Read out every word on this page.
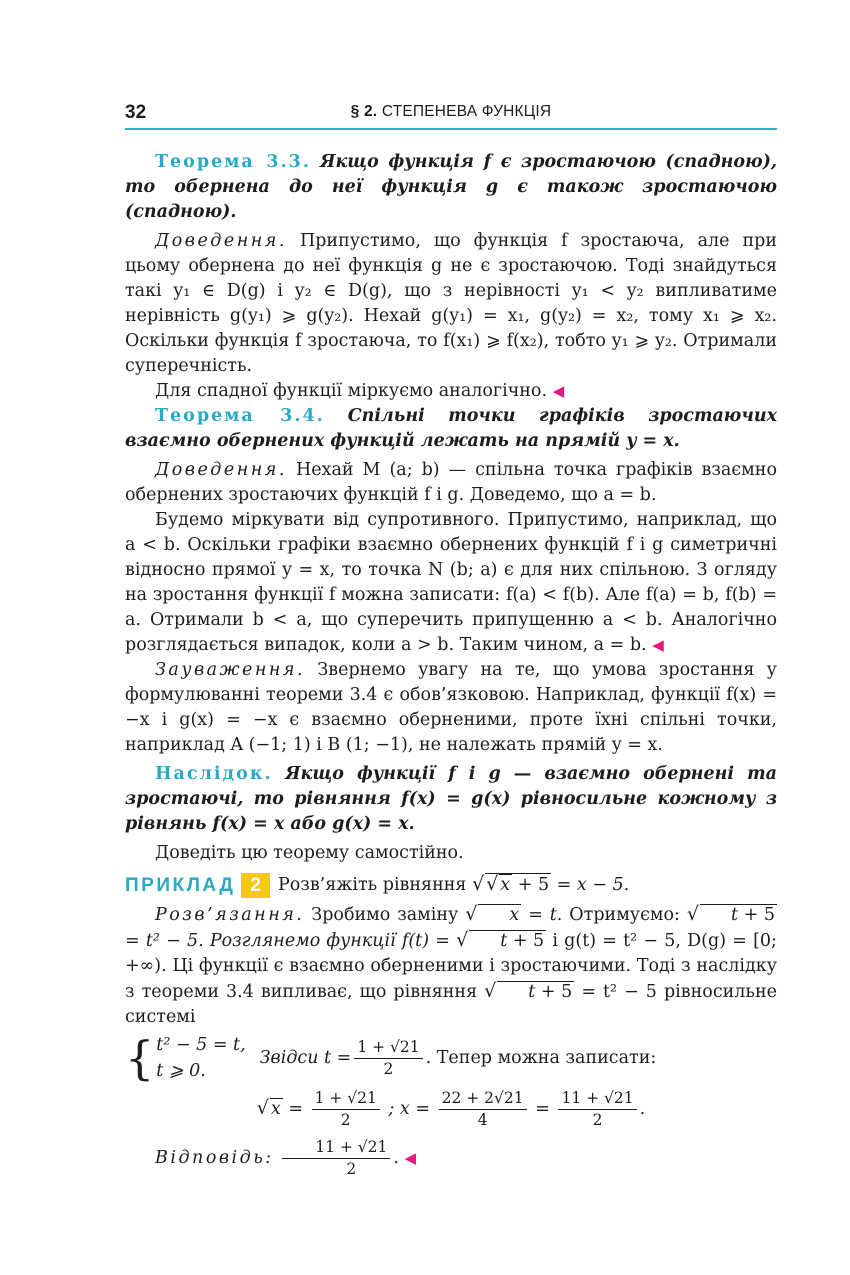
32	§ 2. СТЕПЕНЕВА ФУНКЦІЯ

Теорема 3.3. Якщо функція f є зростаючою (спадною), то обернена до неї функція g є також зростаючою (спадною).

Доведення. Припустимо, що функція f зростаюча, але при цьому обернена до неї функція g не є зростаючою. Тоді знайдуться такі y₁ ∈ D(g) і y₂ ∈ D(g), що з нерівності y₁ < y₂ випливатиме нерівність g(y₁) ⩾ g(y₂). Нехай g(y₁) = x₁, g(y₂) = x₂, тому x₁ ⩾ x₂. Оскільки функція f зростаюча, то f(x₁) ⩾ f(x₂), тобто y₁ ⩾ y₂. Отримали суперечність.

Для спадної функції міркуємо аналогічно. ◀

Теорема 3.4. Спільні точки графіків зростаючих взаємно обернених функцій лежать на прямій y = x.

Доведення. Нехай M (a; b) — спільна точка графіків взаємно обернених зростаючих функцій f і g. Доведемо, що a = b.

Будемо міркувати від супротивного. Припустимо, наприклад, що a < b. Оскільки графіки взаємно обернених функцій f і g симетричні відносно прямої y = x, то точка N (b; a) є для них спільною. З огляду на зростання функції f можна записати: f(a) < f(b). Але f(a) = b, f(b) = a. Отримали b < a, що суперечить припущенню a < b. Аналогічно розглядається випадок, коли a > b. Таким чином, a = b. ◀

Зауваження. Звернемо увагу на те, що умова зростання у формулюванні теореми 3.4 є обов’язковою. Наприклад, функції f(x) = −x і g(x) = −x є взаємно оберненими, проте їхні спільні точки, наприклад A (−1; 1) і B (1; −1), не належать прямій y = x.

Наслідок. Якщо функції f і g — взаємно обернені та зростаючі, то рівняння f(x) = g(x) рівносильне кожному з рівнянь f(x) = x або g(x) = x.

Доведіть цю теорему самостійно.

ПРИКЛАД 2 Розв’яжіть рівняння √ √ x + 5 = x − 5.

Розв’язання. Зробимо заміну √ x = t. Отримуємо: √ t + 5 = t² − 5. Розглянемо функції f(t) = √ t + 5 і g(t) = t² − 5, D(g) = [0; +∞). Ці функції є взаємно оберненими і зростаючими. Тоді з наслідку з теореми 3.4 випливає, що рівняння √ t + 5 = t² − 5 рівносильне системі

{ t² − 5 = t,
t ⩾ 0.
Звідси $t = \frac{1 + √21}{2}$ . Тепер можна записати:
√ $x = \frac{1 + √21}{2}$ ; $x = \frac{22 + 2√21}{4} = \frac{11 + √21}{2}$ .

Відповідь: $\frac{11 + √21}{2}$ . ◀
